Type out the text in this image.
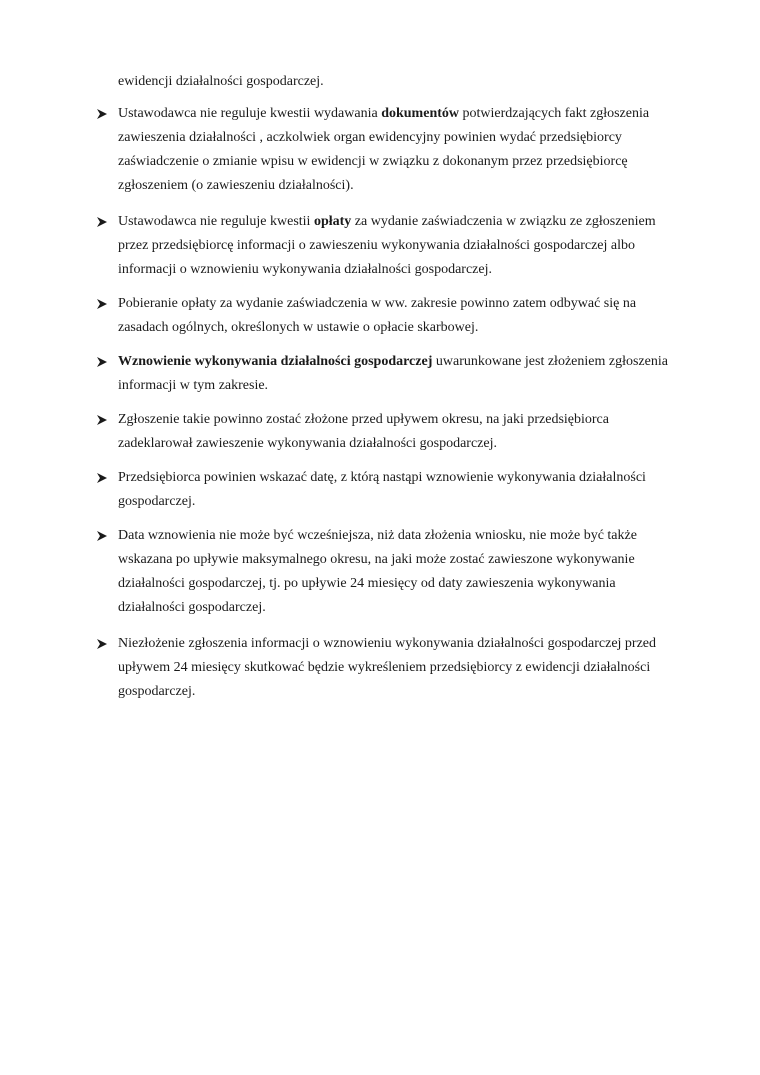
ewidencji działalności gospodarczej.
Ustawodawca nie reguluje kwestii wydawania dokumentów potwierdzających fakt zgłoszenia zawieszenia działalności , aczkolwiek organ ewidencyjny powinien wydać przedsiębiorcy zaświadczenie o zmianie wpisu w ewidencji w związku z dokonanym przez przedsiębiorcę zgłoszeniem (o zawieszeniu działalności).
Ustawodawca nie reguluje kwestii opłaty za wydanie zaświadczenia w związku ze zgłoszeniem przez przedsiębiorcę informacji o zawieszeniu wykonywania działalności gospodarczej albo informacji o wznowieniu wykonywania działalności gospodarczej.
Pobieranie opłaty za wydanie zaświadczenia w ww. zakresie powinno zatem odbywać się na zasadach ogólnych, określonych w ustawie o opłacie skarbowej.
Wznowienie wykonywania działalności gospodarczej uwarunkowane jest złożeniem zgłoszenia informacji w tym zakresie.
Zgłoszenie takie powinno zostać złożone przed upływem okresu, na jaki przedsiębiorca zadeklarował zawieszenie wykonywania działalności gospodarczej.
Przedsiębiorca powinien wskazać datę, z którą nastąpi wznowienie wykonywania działalności gospodarczej.
Data wznowienia nie może być wcześniejsza, niż data złożenia wniosku, nie może być także wskazana po upływie maksymalnego okresu, na jaki może zostać zawieszone wykonywanie działalności gospodarczej, tj. po upływie 24 miesięcy od daty zawieszenia wykonywania działalności gospodarczej.
Niezłożenie zgłoszenia informacji o wznowieniu wykonywania działalności gospodarczej przed upływem 24 miesięcy skutkować będzie wykreśleniem przedsiębiorcy z ewidencji działalności gospodarczej.
